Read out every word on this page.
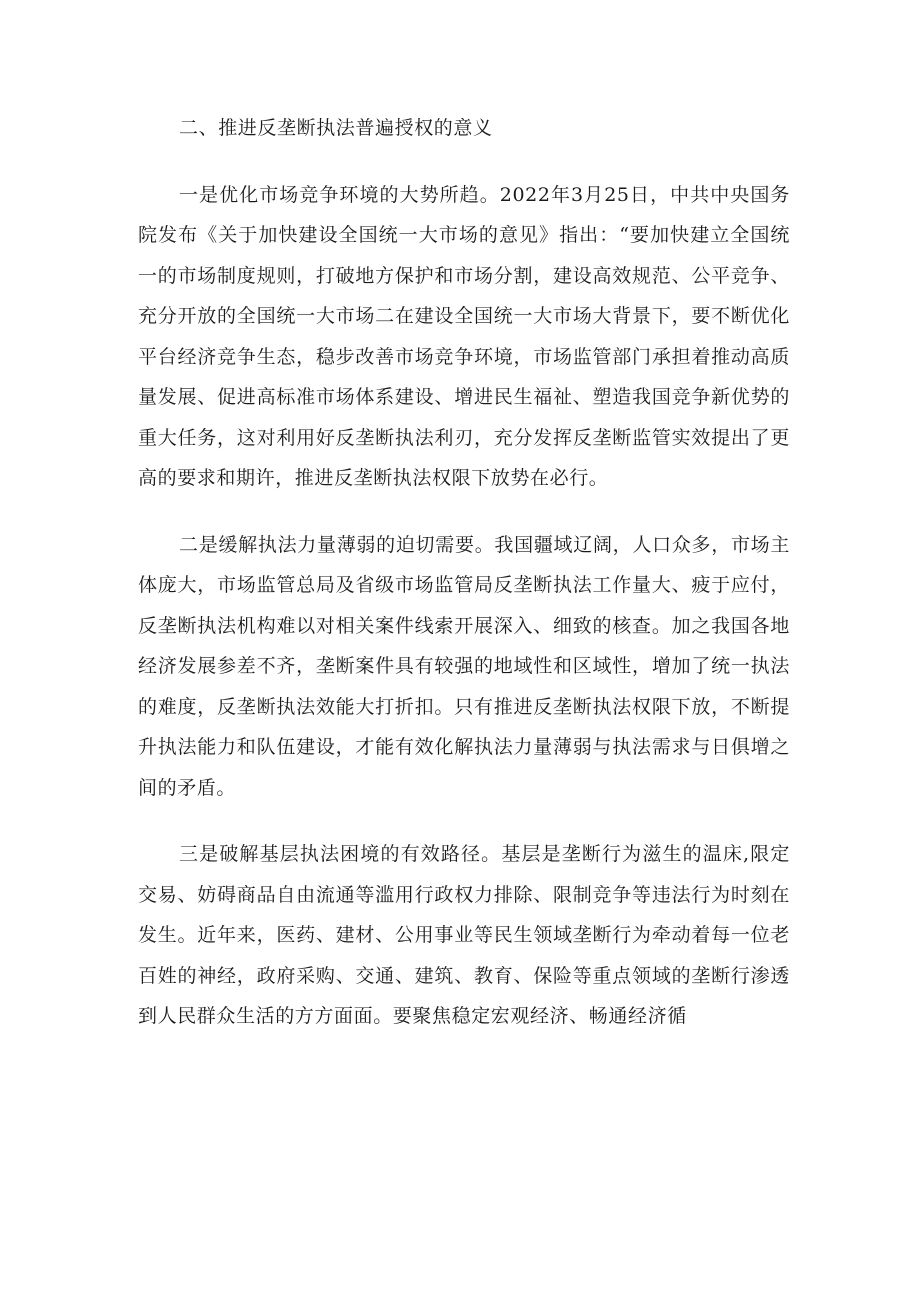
二、推进反垄断执法普遍授权的意义

一是优化市场竞争环境的大势所趋。2022年3月25日，中共中央国务院发布《关于加快建设全国统一大市场的意见》指出：“要加快建立全国统一的市场制度规则，打破地方保护和市场分割，建设高效规范、公平竞争、充分开放的全国统一大市场二在建设全国统一大市场大背景下，要不断优化平台经济竞争生态，稳步改善市场竞争环境，市场监管部门承担着推动高质量发展、促进高标准市场体系建设、增进民生福祉、塑造我国竞争新优势的重大任务，这对利用好反垄断执法利刃，充分发挥反垄断监管实效提出了更高的要求和期许，推进反垄断执法权限下放势在必行。

二是缓解执法力量薄弱的迫切需要。我国疆域辽阔，人口众多，市场主体庞大，市场监管总局及省级市场监管局反垄断执法工作量大、疲于应付，反垄断执法机构难以对相关案件线索开展深入、细致的核查。加之我国各地经济发展参差不齐，垄断案件具有较强的地域性和区域性，增加了统一执法的难度，反垄断执法效能大打折扣。只有推进反垄断执法权限下放，不断提升执法能力和队伍建设，才能有效化解执法力量薄弱与执法需求与日俱增之间的矛盾。

三是破解基层执法困境的有效路径。基层是垄断行为滋生的温床,限定交易、妨碍商品自由流通等滥用行政权力排除、限制竞争等违法行为时刻在发生。近年来，医药、建材、公用事业等民生领域垄断行为牵动着每一位老百姓的神经，政府采购、交通、建筑、教育、保险等重点领域的垄断行渗透到人民群众生活的方方面面。要聚焦稳定宏观经济、畅通经济循
